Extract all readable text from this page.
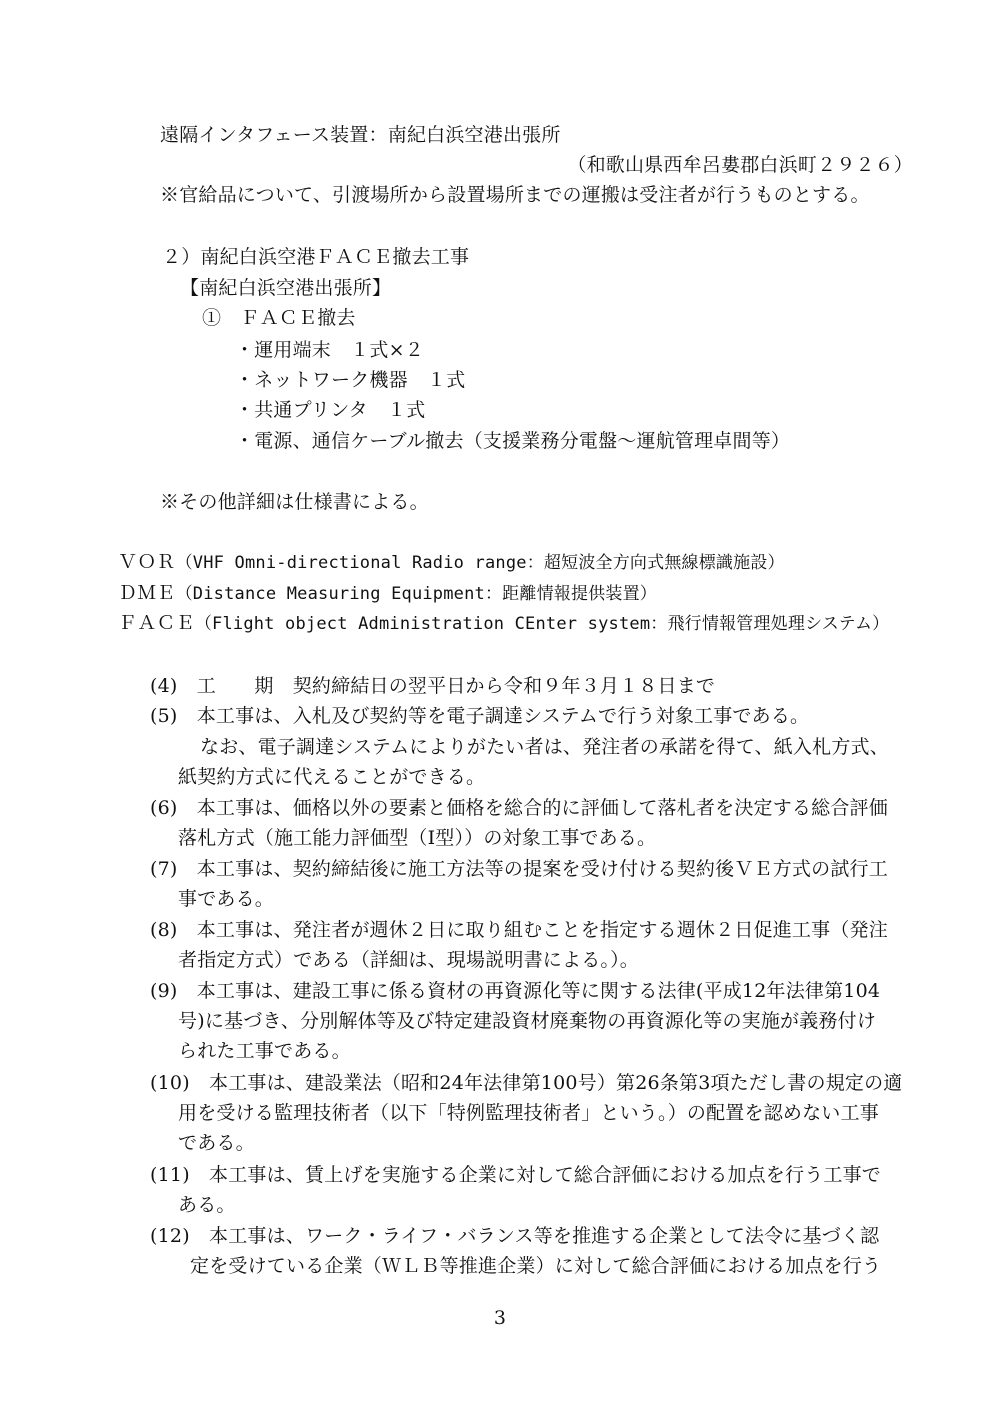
遠隔インタフェース装置：南紀白浜空港出張所
（和歌山県西牟呂婁郡白浜町２９２６）
※官給品について、引渡場所から設置場所までの運搬は受注者が行うものとする。
２）南紀白浜空港ＦＡＣＥ撤去工事
【南紀白浜空港出張所】
①　ＦＡＣＥ撤去
・運用端末　１式×２
・ネットワーク機器　１式
・共通プリンタ　１式
・電源、通信ケーブル撤去（支援業務分電盤～運航管理卓間等）
※その他詳細は仕様書による。
ＶＯＲ（VHF Omni-directional Radio range：超短波全方向式無線標識施設）
ＤＭＥ（Distance Measuring Equipment：距離情報提供装置）
ＦＡＣＥ（Flight object Administration CEnter system：飛行情報管理処理システム）
(4)　工　　期　契約締結日の翌平日から令和９年３月１８日まで
(5)　本工事は、入札及び契約等を電子調達システムで行う対象工事である。
なお、電子調達システムによりがたい者は、発注者の承諾を得て、紙入札方式、
紙契約方式に代えることができる。
(6)　本工事は、価格以外の要素と価格を総合的に評価して落札者を決定する総合評価
落札方式（施工能力評価型（Ⅰ型））の対象工事である。
(7)　本工事は、契約締結後に施工方法等の提案を受け付ける契約後ＶＥ方式の試行工
事である。
(8)　本工事は、発注者が週休２日に取り組むことを指定する週休２日促進工事（発注
者指定方式）である（詳細は、現場説明書による。）。
(9)　本工事は、建設工事に係る資材の再資源化等に関する法律(平成12年法律第104
号)に基づき、分別解体等及び特定建設資材廃棄物の再資源化等の実施が義務付け
られた工事である。
(10)　本工事は、建設業法（昭和24年法律第100号）第26条第3項ただし書の規定の適
用を受ける監理技術者（以下「特例監理技術者」という。）の配置を認めない工事
である。
(11)　本工事は、賃上げを実施する企業に対して総合評価における加点を行う工事で
ある。
(12)　本工事は、ワーク・ライフ・バランス等を推進する企業として法令に基づく認
定を受けている企業（ＷＬＢ等推進企業）に対して総合評価における加点を行う
3
